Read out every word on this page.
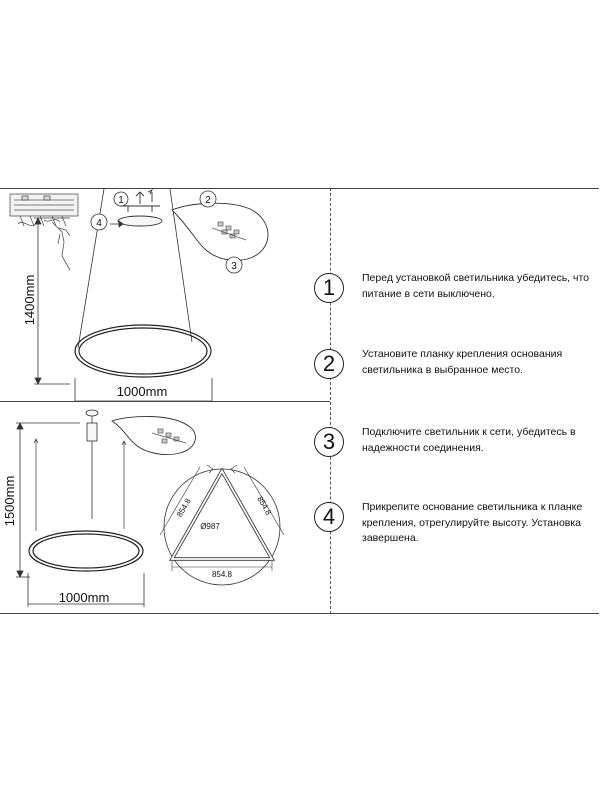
1	2
3
4
1400mm
1000mm
1500mm
1000mm
854.8	854.8
854.8
Ø987
1	Перед установкой светильника убедитесь, что питание в сети выключено.
2	Установите планку крепления основания светильника в выбранное место.
3	Подключите светильник к сети, убедитесь в надежности соединения.
4	Прикрепите основание светильника к планке крепления, отрегулируйте высоту. Установка завершена.
